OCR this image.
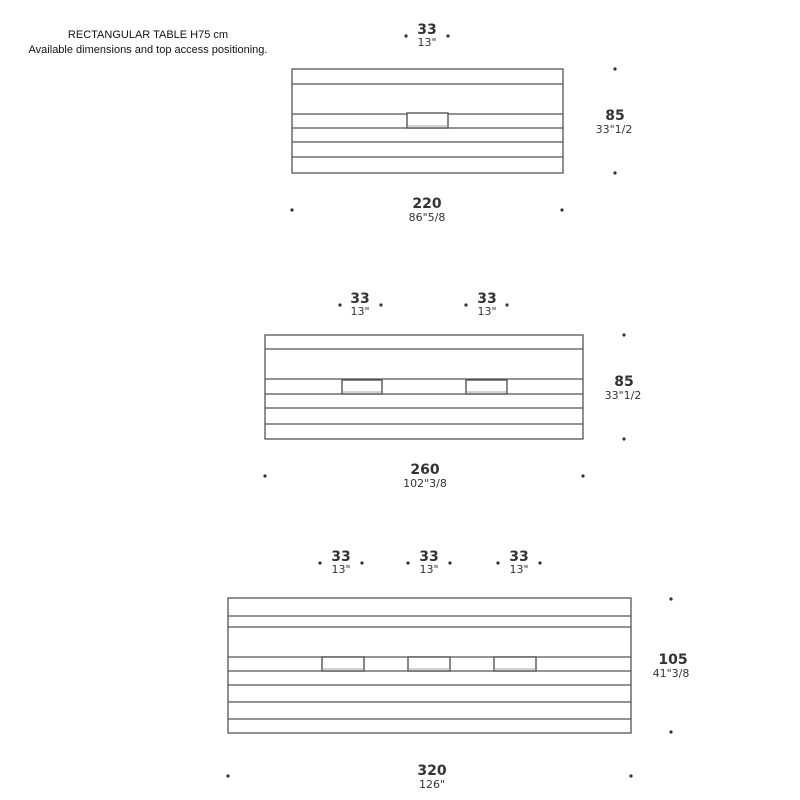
RECTANGULAR TABLE H75 cm
Available dimensions and top access positioning.
33
13"
85
33"1/2
220
86"5/8
33
13"
33
13"
85
33"1/2
260
102"3/8
33
13"
33
13"
33
13"
105
41"3/8
320
126"
